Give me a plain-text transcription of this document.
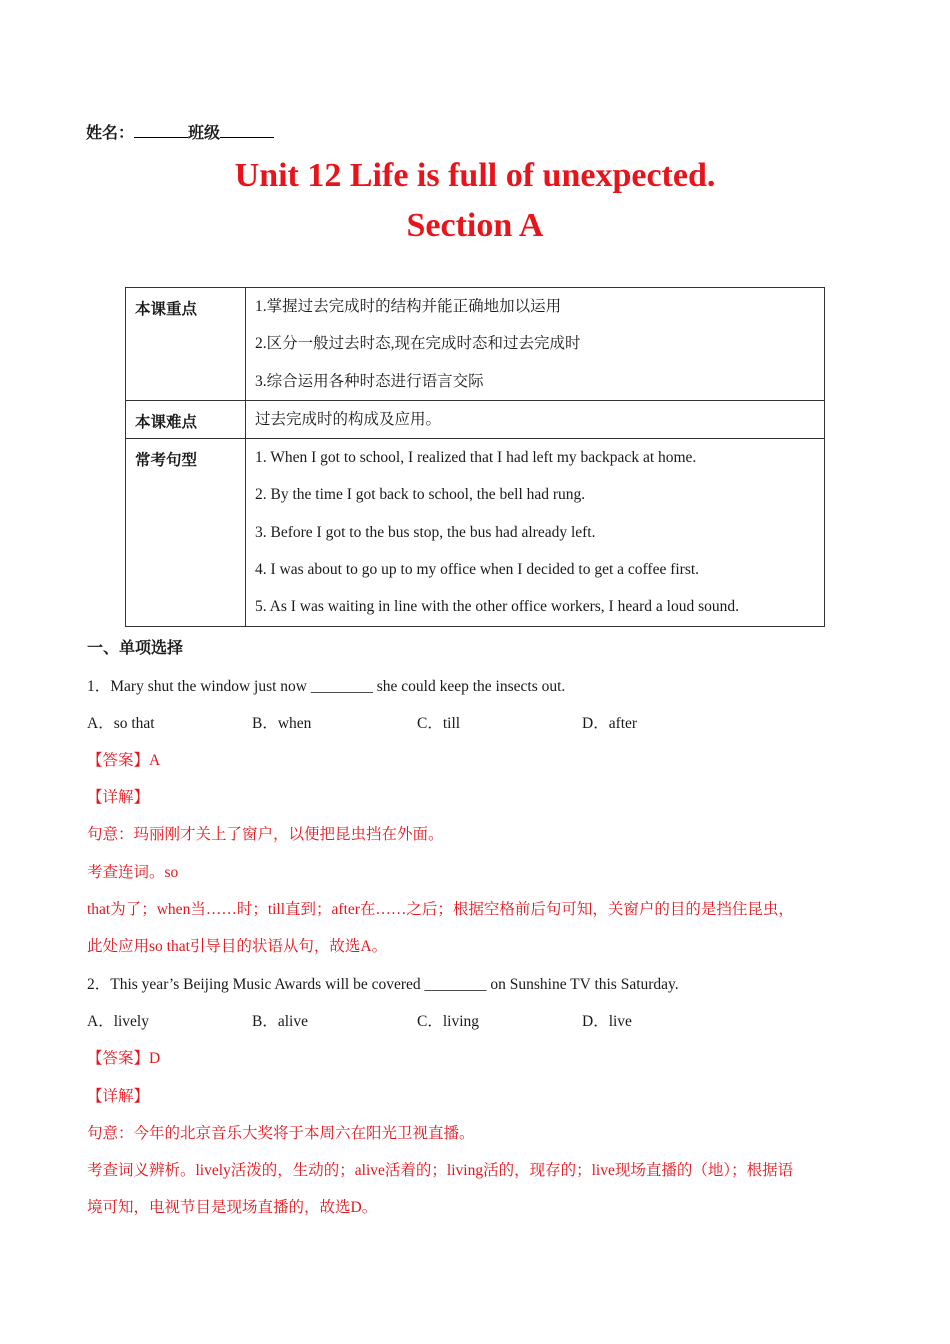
姓名：	班级
Unit 12 Life is full of unexpected.
Section A
本课重点	1.掌握过去完成时的结构并能正确地加以运用
2.区分一般过去时态,现在完成时态和过去完成时
3.综合运用各种时态进行语言交际

本课难点	过去完成时的构成及应用。

常考句型	1. When I got to school, I realized that I had left my backpack at home.
2. By the time I got back to school, the bell had rung.
3. Before I got to the bus stop, the bus had already left.
4. I was about to go up to my office when I decided to get a coffee first.
5. As I was waiting in line with the other office workers, I heard a loud sound.
一、单项选择
1．Mary shut the window just now ________ she could keep the insects out.
A．so that	B．when	C．till	D．after
【答案】A
【详解】
句意：玛丽刚才关上了窗户，以便把昆虫挡在外面。
考查连词。so
that为了；when当……时；till直到；after在……之后；根据空格前后句可知，关窗户的目的是挡住昆虫，
此处应用so that引导目的状语从句，故选A。
2．This year’s Beijing Music Awards will be covered ________ on Sunshine TV this Saturday.
A．lively	B．alive	C．living	D．live
【答案】D
【详解】
句意：今年的北京音乐大奖将于本周六在阳光卫视直播。
考查词义辨析。lively活泼的，生动的；alive活着的；living活的，现存的；live现场直播的（地）；根据语
境可知，电视节目是现场直播的，故选D。
